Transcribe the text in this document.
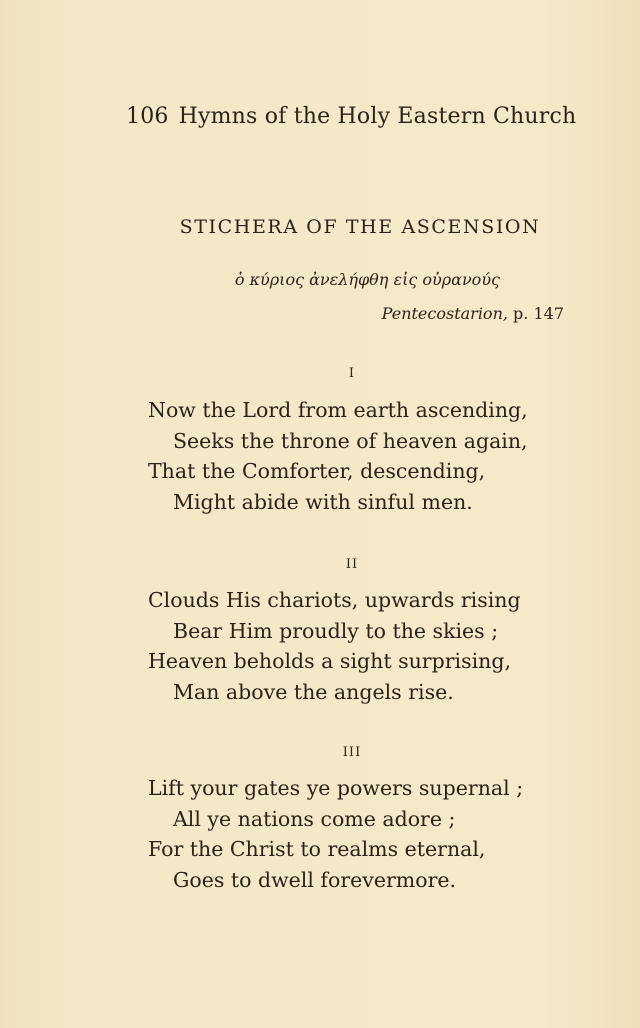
106 Hymns of the Holy Eastern Church
STICHERA OF THE ASCENSION
ὁ κύριος ἀνελήφθη εἰς οὐρανούς
Pentecostarion, p. 147
I
Now the Lord from earth ascending,
Seeks the throne of heaven again,
That the Comforter, descending,
Might abide with sinful men.
II
Clouds His chariots, upwards rising
Bear Him proudly to the skies ;
Heaven beholds a sight surprising,
Man above the angels rise.
III
Lift your gates ye powers supernal ;
All ye nations come adore ;
For the Christ to realms eternal,
Goes to dwell forevermore.
